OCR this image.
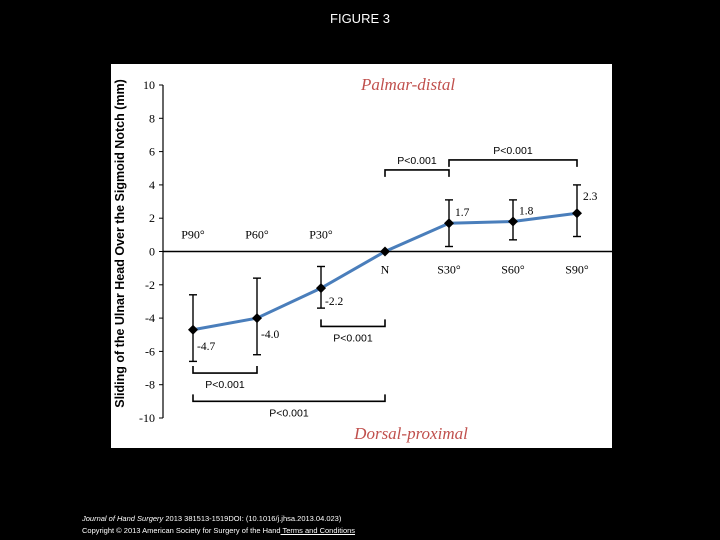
FIGURE 3
10
8
6
4
2
0
-2
-4
-6
-8
-10
Sliding of the Ulnar Head Over the Sigmoid Notch (mm)	Palmar-distal
Dorsal-proximal
P90°	P60°	P30°
N	S30°	S60°	S90°
-4.7
-4.0
-2.2
1.7	1.8
2.3
P<0.001
P<0.001
P<0.001
P<0.001
P<0.001
Journal of Hand Surgery 2013 381513-1519DOI: (10.1016/j.jhsa.2013.04.023)
Copyright © 2013 American Society for Surgery of the Hand Terms and Conditions
